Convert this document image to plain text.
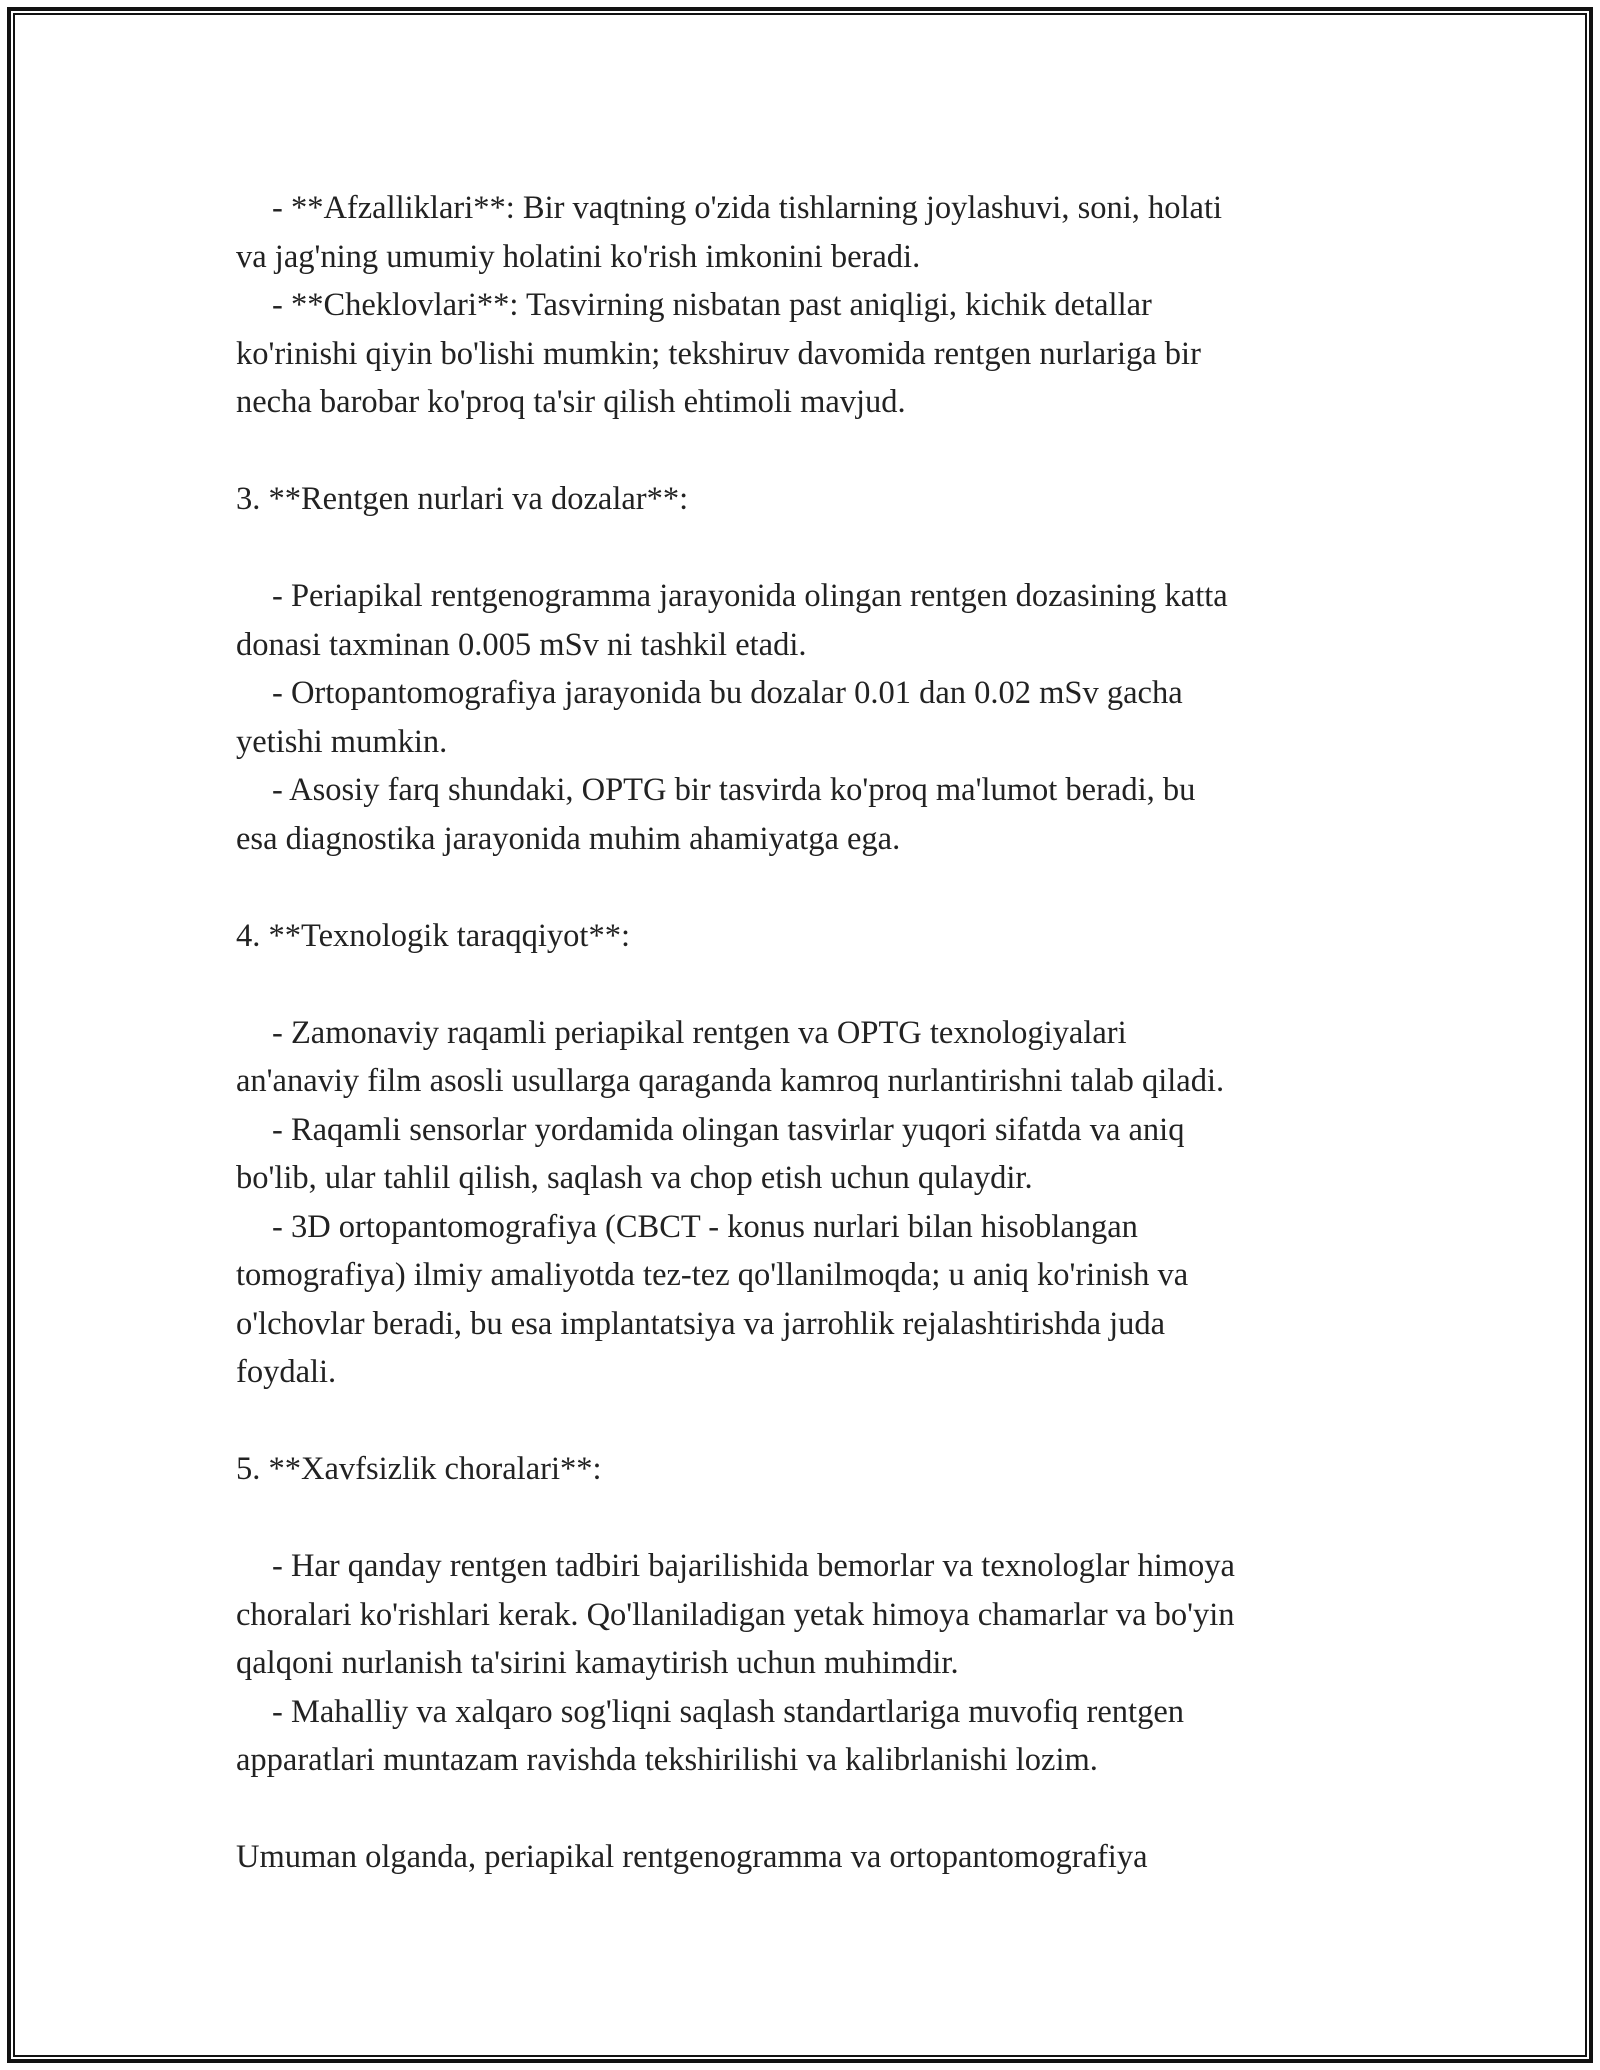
- **Afzalliklari**: Bir vaqtning o'zida tishlarning joylashuvi, soni, holati
va jag'ning umumiy holatini ko'rish imkonini beradi.
- **Cheklovlari**: Tasvirning nisbatan past aniqligi, kichik detallar
ko'rinishi qiyin bo'lishi mumkin; tekshiruv davomida rentgen nurlariga bir
necha barobar ko'proq ta'sir qilish ehtimoli mavjud.
3. **Rentgen nurlari va dozalar**:
- Periapikal rentgenogramma jarayonida olingan rentgen dozasining katta
donasi taxminan 0.005 mSv ni tashkil etadi.
- Ortopantomografiya jarayonida bu dozalar 0.01 dan 0.02 mSv gacha
yetishi mumkin.
- Asosiy farq shundaki, OPTG bir tasvirda ko'proq ma'lumot beradi, bu
esa diagnostika jarayonida muhim ahamiyatga ega.
4. **Texnologik taraqqiyot**:
- Zamonaviy raqamli periapikal rentgen va OPTG texnologiyalari
an'anaviy film asosli usullarga qaraganda kamroq nurlantirishni talab qiladi.
- Raqamli sensorlar yordamida olingan tasvirlar yuqori sifatda va aniq
bo'lib, ular tahlil qilish, saqlash va chop etish uchun qulaydir.
- 3D ortopantomografiya (CBCT - konus nurlari bilan hisoblangan
tomografiya) ilmiy amaliyotda tez-tez qo'llanilmoqda; u aniq ko'rinish va
o'lchovlar beradi, bu esa implantatsiya va jarrohlik rejalashtirishda juda
foydali.
5. **Xavfsizlik choralari**:
- Har qanday rentgen tadbiri bajarilishida bemorlar va texnologlar himoya
choralari ko'rishlari kerak. Qo'llaniladigan yetak himoya chamarlar va bo'yin
qalqoni nurlanish ta'sirini kamaytirish uchun muhimdir.
- Mahalliy va xalqaro sog'liqni saqlash standartlariga muvofiq rentgen
apparatlari muntazam ravishda tekshirilishi va kalibrlanishi lozim.
Umuman olganda, periapikal rentgenogramma va ortopantomografiya
